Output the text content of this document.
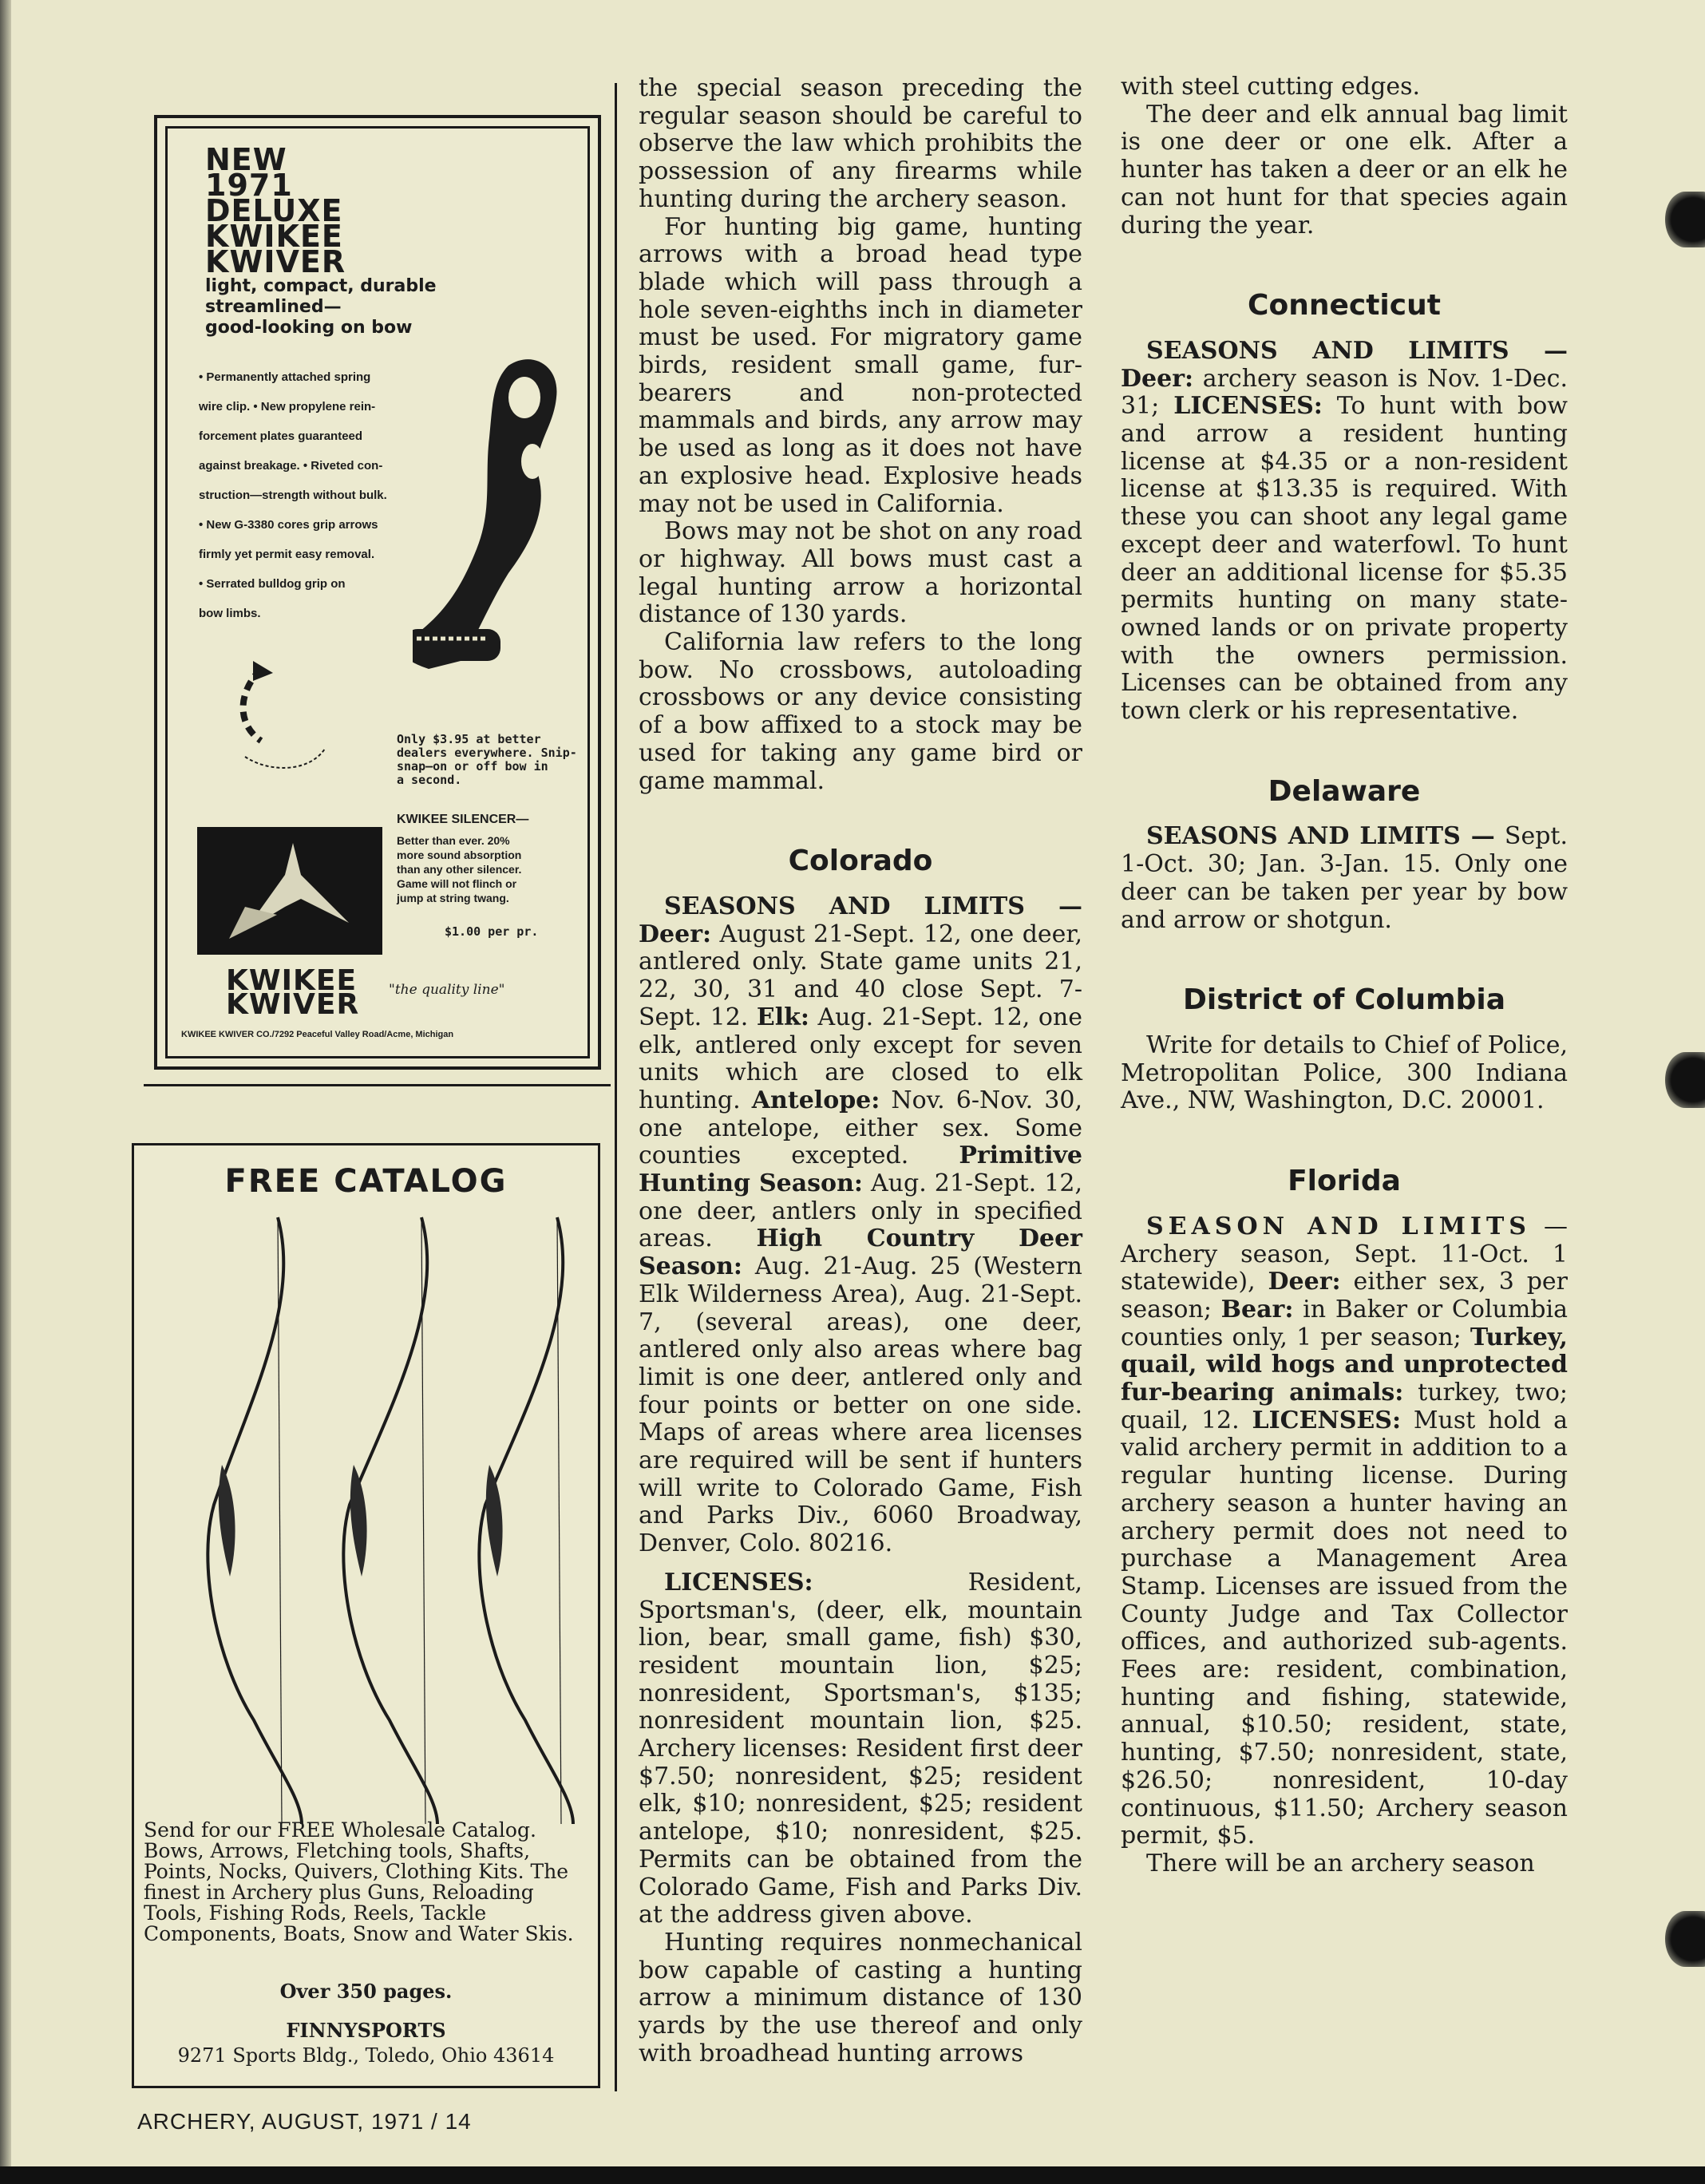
NEW
1971
DELUXE
KWIKEE
KWIVER
light, compact, durable
streamlined—
good-looking on bow
• Permanently attached spring
wire clip. • New propylene rein-
forcement plates guaranteed
against breakage. • Riveted con-
struction—strength without bulk.
• New G-3380 cores grip arrows
firmly yet permit easy removal.
• Serrated bulldog grip on
bow limbs.
Only $3.95 at better
dealers everywhere. Snip-
snap—on or off bow in
a second.
KWIKEE SILENCER—
Better than ever. 20%
more sound absorption
than any other silencer.
Game will not flinch or
jump at string twang.
$1.00 per pr.
KWIKEE
KWIVER "the quality line"
KWIKEE KWIVER CO./7292 Peaceful Valley Road/Acme, Michigan
FREE CATALOG
Send for our FREE Wholesale Catalog. Bows, Arrows, Fletching tools, Shafts, Points, Nocks, Quivers, Clothing Kits. The finest in Archery plus Guns, Reloading Tools, Fishing Rods, Reels, Tackle Components, Boats, Snow and Water Skis.
Over 350 pages.
FINNYSPORTS
9271 Sports Bldg., Toledo, Ohio 43614
ARCHERY, AUGUST, 1971 / 14

the special season preceding the regular season should be careful to observe the law which prohibits the possession of any firearms while hunting during the archery season.

For hunting big game, hunting arrows with a broad head type blade which will pass through a hole seven-eighths inch in diameter must be used. For migratory game birds, resident small game, fur-bearers and non-protected mammals and birds, any arrow may be used as long as it does not have an explosive head. Explosive heads may not be used in California.

Bows may not be shot on any road or highway. All bows must cast a legal hunting arrow a horizontal distance of 130 yards.

California law refers to the long bow. No crossbows, autoloading crossbows or any device consisting of a bow affixed to a stock may be used for taking any game bird or game mammal.

Colorado

SEASONS AND LIMITS — Deer: August 21-Sept. 12, one deer, antlered only. State game units 21, 22, 30, 31 and 40 close Sept. 7-Sept. 12. Elk: Aug. 21-Sept. 12, one elk, antlered only except for seven units which are closed to elk hunting. Antelope: Nov. 6-Nov. 30, one antelope, either sex. Some counties excepted. Primitive Hunting Season: Aug. 21-Sept. 12, one deer, antlers only in specified areas. High Country Deer Season: Aug. 21-Aug. 25 (Western Elk Wilderness Area), Aug. 21-Sept. 7, (several areas), one deer, antlered only also areas where bag limit is one deer, antlered only and four points or better on one side. Maps of areas where area licenses are required will be sent if hunters will write to Colorado Game, Fish and Parks Div., 6060 Broadway, Denver, Colo. 80216.

LICENSES: Resident, Sportsman's, (deer, elk, mountain lion, bear, small game, fish) $30, resident mountain lion, $25; nonresident, Sportsman's, $135; nonresident mountain lion, $25. Archery licenses: Resident first deer $7.50; nonresident, $25; resident elk, $10; nonresident, $25; resident antelope, $10; nonresident, $25. Permits can be obtained from the Colorado Game, Fish and Parks Div. at the address given above.

Hunting requires nonmechanical bow capable of casting a hunting arrow a minimum distance of 130 yards by the use thereof and only with broadhead hunting arrows

with steel cutting edges.

The deer and elk annual bag limit is one deer or one elk. After a hunter has taken a deer or an elk he can not hunt for that species again during the year.

Connecticut

SEASONS AND LIMITS — Deer: archery season is Nov. 1-Dec. 31; LICENSES: To hunt with bow and arrow a resident hunting license at $4.35 or a non-resident license at $13.35 is required. With these you can shoot any legal game except deer and waterfowl. To hunt deer an additional license for $5.35 permits hunting on many state-owned lands or on private property with the owners permission. Licenses can be obtained from any town clerk or his representative.

Delaware

SEASONS AND LIMITS — Sept. 1-Oct. 30; Jan. 3-Jan. 15. Only one deer can be taken per year by bow and arrow or shotgun.

District of Columbia

Write for details to Chief of Police, Metropolitan Police, 300 Indiana Ave., NW, Washington, D.C. 20001.

Florida

SEASON AND LIMITS — Archery season, Sept. 11-Oct. 1 statewide), Deer: either sex, 3 per season; Bear: in Baker or Columbia counties only, 1 per season; Turkey, quail, wild hogs and unprotected fur-bearing animals: turkey, two; quail, 12. LICENSES: Must hold a valid archery permit in addition to a regular hunting license. During archery season a hunter having an archery permit does not need to purchase a Management Area Stamp. Licenses are issued from the County Judge and Tax Collector offices, and authorized sub-agents. Fees are: resident, combination, hunting and fishing, statewide, annual, $10.50; resident, state, hunting, $7.50; nonresident, state, $26.50; nonresident, 10-day continuous, $11.50; Archery season permit, $5.

There will be an archery season
